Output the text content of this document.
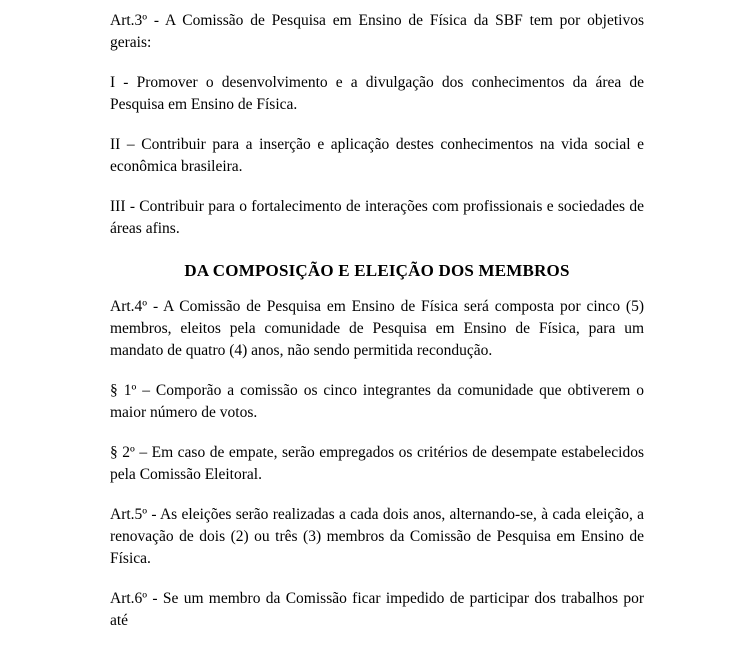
Art.3º - A Comissão de Pesquisa em Ensino de Física da SBF tem por objetivos gerais:

I - Promover o desenvolvimento e a divulgação dos conhecimentos da área de Pesquisa em Ensino de Física.

II – Contribuir para a inserção e aplicação destes conhecimentos na vida social e econômica brasileira.

III - Contribuir para o fortalecimento de interações com profissionais e sociedades de áreas afins.

DA COMPOSIÇÃO E ELEIÇÃO DOS MEMBROS

Art.4º - A Comissão de Pesquisa em Ensino de Física será composta por cinco (5) membros, eleitos pela comunidade de Pesquisa em Ensino de Física, para um mandato de quatro (4) anos, não sendo permitida recondução.

§ 1º – Comporão a comissão os cinco integrantes da comunidade que obtiverem o maior número de votos.

§ 2º – Em caso de empate, serão empregados os critérios de desempate estabelecidos pela Comissão Eleitoral.

Art.5º - As eleições serão realizadas a cada dois anos, alternando-se, à cada eleição, a renovação de dois (2) ou três (3) membros da Comissão de Pesquisa em Ensino de Física.

Art.6º - Se um membro da Comissão ficar impedido de participar dos trabalhos por até
